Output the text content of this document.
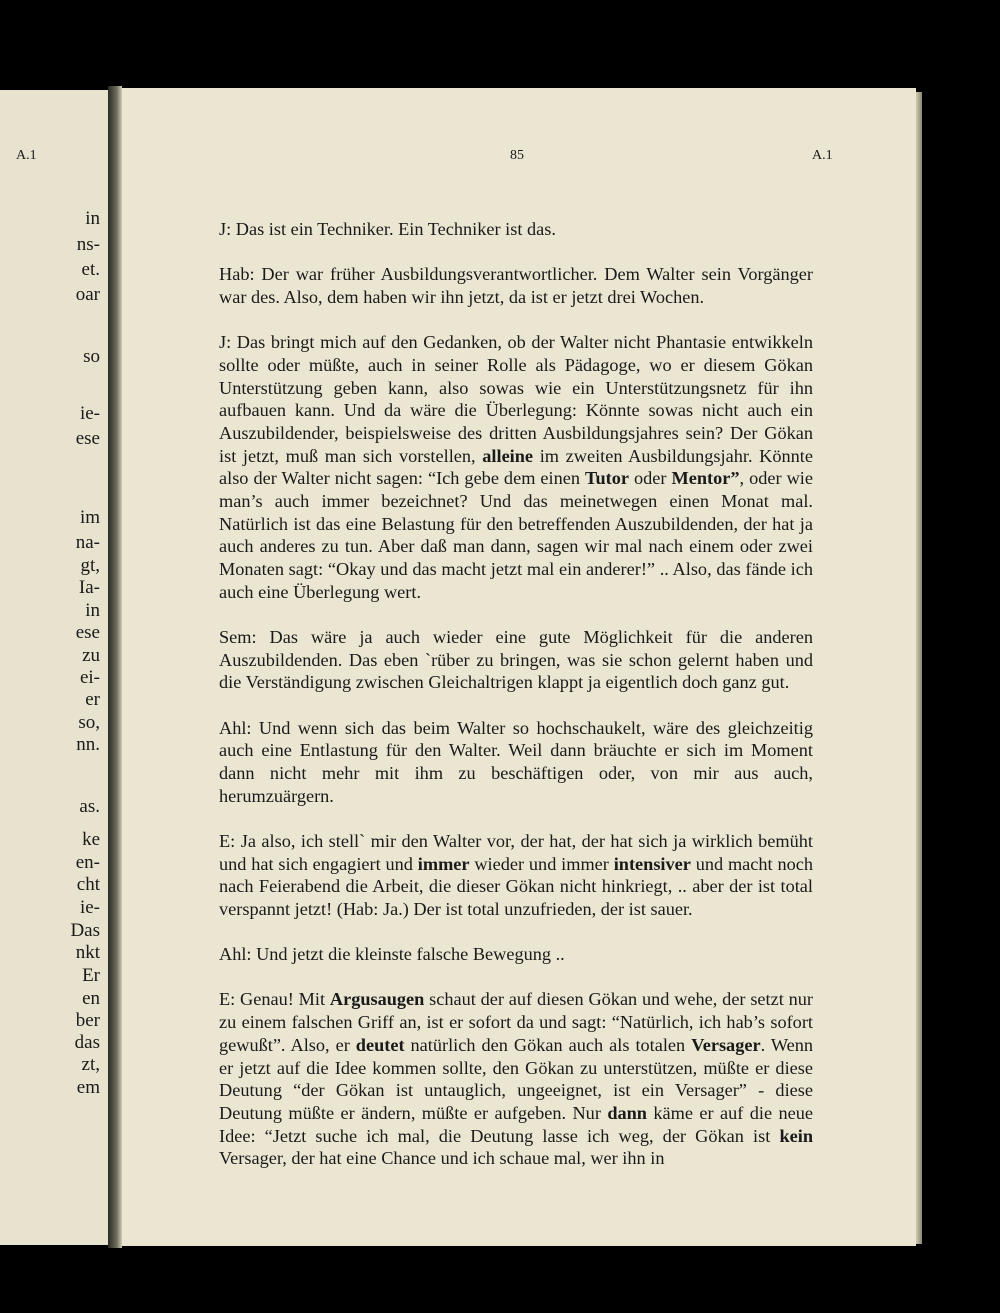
A.1
in
ns-
et.
oar
so
ie-
ese
im
na-
gt,
Ia-
in
ese
zu
ei-
er
so,
nn.
as.
ke
en-
cht
ie-
Das
nkt
Er
en
ber
das
zt,
em
85	A.1

J: Das ist ein Techniker. Ein Techniker ist das.

Hab: Der war früher Ausbildungsverantwortlicher. Dem Walter sein Vorgänger war des. Also, dem haben wir ihn jetzt, da ist er jetzt drei Wochen.

J: Das bringt mich auf den Gedanken, ob der Walter nicht Phantasie entwikkeln sollte oder müßte, auch in seiner Rolle als Pädagoge, wo er diesem Gökan Unterstützung geben kann, also sowas wie ein Unterstützungsnetz für ihn aufbauen kann. Und da wäre die Überlegung: Könnte sowas nicht auch ein Auszubildender, beispielsweise des dritten Ausbildungsjahres sein? Der Gökan ist jetzt, muß man sich vorstellen, alleine im zweiten Ausbildungsjahr. Könnte also der Walter nicht sagen: “Ich gebe dem einen Tutor oder Mentor”, oder wie man’s auch immer bezeichnet? Und das meinetwegen einen Monat mal. Natürlich ist das eine Belastung für den betreffenden Auszubildenden, der hat ja auch anderes zu tun. Aber daß man dann, sagen wir mal nach einem oder zwei Monaten sagt: “Okay und das macht jetzt mal ein anderer!” .. Also, das fände ich auch eine Überlegung wert.

Sem: Das wäre ja auch wieder eine gute Möglichkeit für die anderen Auszubildenden. Das eben `rüber zu bringen, was sie schon gelernt haben und die Verständigung zwischen Gleichaltrigen klappt ja eigentlich doch ganz gut.

Ahl: Und wenn sich das beim Walter so hochschaukelt, wäre des gleichzeitig auch eine Entlastung für den Walter. Weil dann bräuchte er sich im Moment dann nicht mehr mit ihm zu beschäftigen oder, von mir aus auch, herumzuärgern.

E: Ja also, ich stell` mir den Walter vor, der hat, der hat sich ja wirklich bemüht und hat sich engagiert und immer wieder und immer intensiver und macht noch nach Feierabend die Arbeit, die dieser Gökan nicht hinkriegt, .. aber der ist total verspannt jetzt! (Hab: Ja.) Der ist total unzufrieden, der ist sauer.

Ahl: Und jetzt die kleinste falsche Bewegung ..

E: Genau! Mit Argusaugen schaut der auf diesen Gökan und wehe, der setzt nur zu einem falschen Griff an, ist er sofort da und sagt: “Natürlich, ich hab’s sofort gewußt”. Also, er deutet natürlich den Gökan auch als totalen Versager. Wenn er jetzt auf die Idee kommen sollte, den Gökan zu unterstützen, müßte er diese Deutung “der Gökan ist untauglich, ungeeignet, ist ein Versager” - diese Deutung müßte er ändern, müßte er aufgeben. Nur dann käme er auf die neue Idee: “Jetzt suche ich mal, die Deutung lasse ich weg, der Gökan ist kein Versager, der hat eine Chance und ich schaue mal, wer ihn in
